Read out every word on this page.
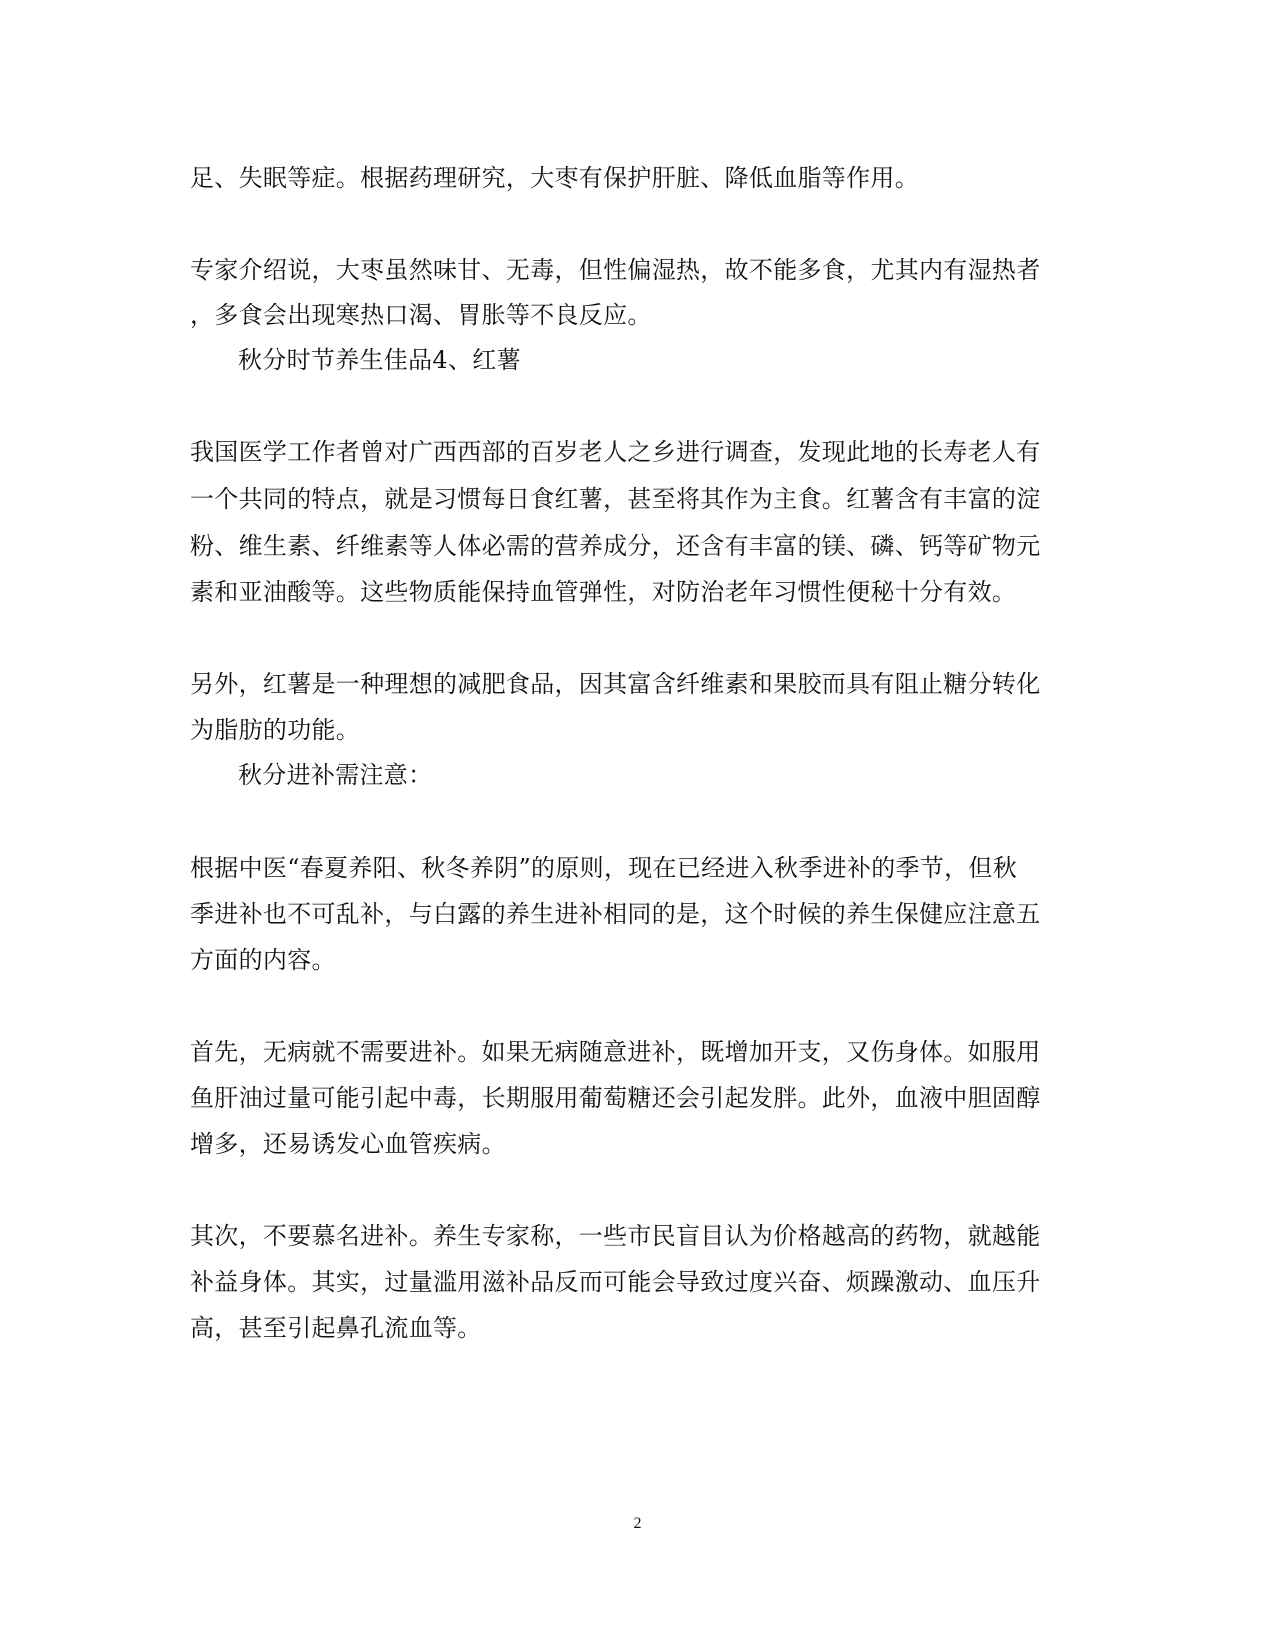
足、失眠等症。根据药理研究，大枣有保护肝脏、降低血脂等作用。
专家介绍说，大枣虽然味甘、无毒，但性偏湿热，故不能多食，尤其内有湿热者
，多食会出现寒热口渴、胃胀等不良反应。
秋分时节养生佳品4、红薯
我国医学工作者曾对广西西部的百岁老人之乡进行调查，发现此地的长寿老人有
一个共同的特点，就是习惯每日食红薯，甚至将其作为主食。红薯含有丰富的淀
粉、维生素、纤维素等人体必需的营养成分，还含有丰富的镁、磷、钙等矿物元
素和亚油酸等。这些物质能保持血管弹性，对防治老年习惯性便秘十分有效。
另外，红薯是一种理想的减肥食品，因其富含纤维素和果胶而具有阻止糖分转化
为脂肪的功能。
秋分进补需注意：
根据中医“春夏养阳、秋冬养阴”的原则，现在已经进入秋季进补的季节，但秋
季进补也不可乱补，与白露的养生进补相同的是，这个时候的养生保健应注意五
方面的内容。
首先，无病就不需要进补。如果无病随意进补，既增加开支，又伤身体。如服用
鱼肝油过量可能引起中毒，长期服用葡萄糖还会引起发胖。此外，血液中胆固醇
增多，还易诱发心血管疾病。
其次，不要慕名进补。养生专家称，一些市民盲目认为价格越高的药物，就越能
补益身体。其实，过量滥用滋补品反而可能会导致过度兴奋、烦躁激动、血压升
高，甚至引起鼻孔流血等。
2
